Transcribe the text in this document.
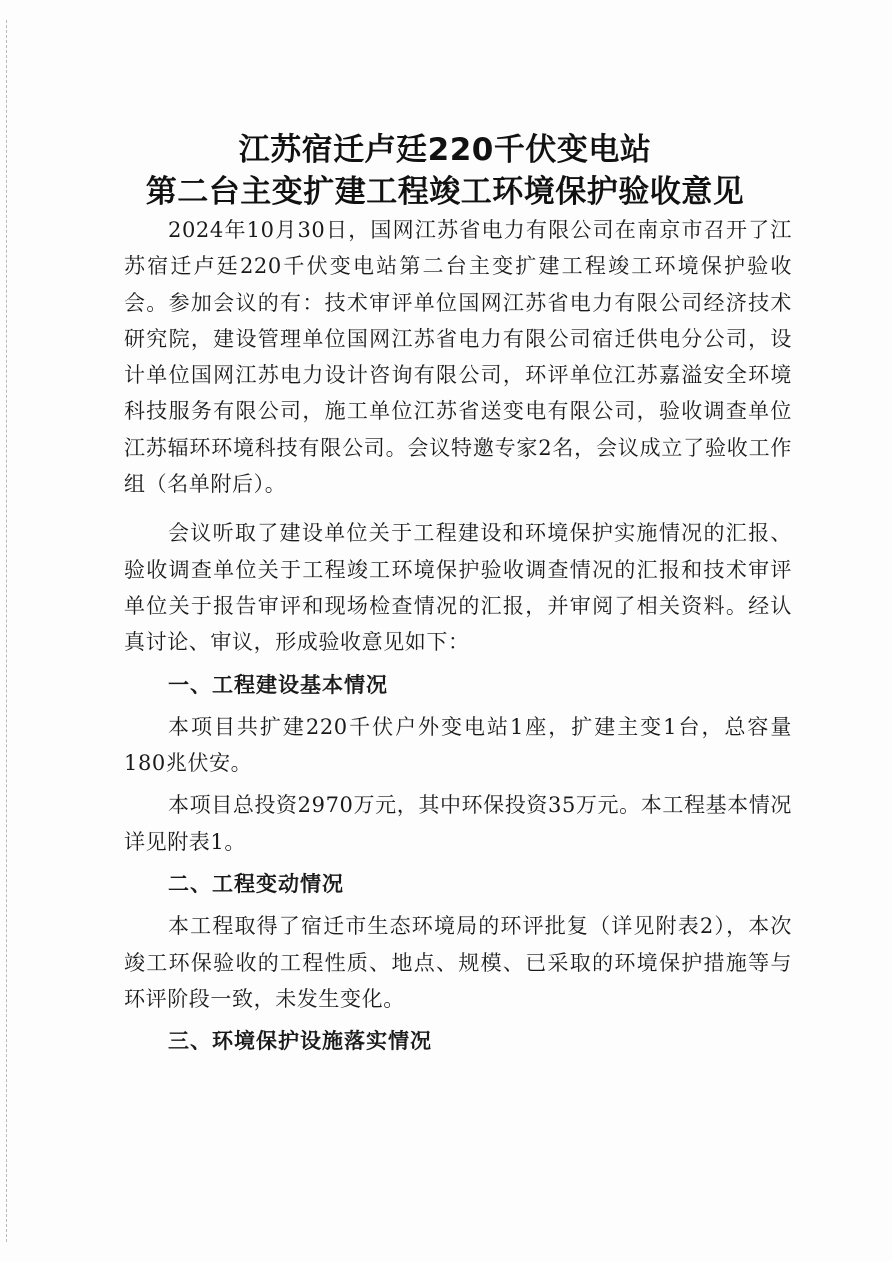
江苏宿迁卢廷220千伏变电站
第二台主变扩建工程竣工环境保护验收意见

2024年10月30日，国网江苏省电力有限公司在南京市召开了江苏宿迁卢廷220千伏变电站第二台主变扩建工程竣工环境保护验收会。参加会议的有：技术审评单位国网江苏省电力有限公司经济技术研究院，建设管理单位国网江苏省电力有限公司宿迁供电分公司，设计单位国网江苏电力设计咨询有限公司，环评单位江苏嘉溢安全环境科技服务有限公司，施工单位江苏省送变电有限公司，验收调查单位江苏辐环环境科技有限公司。会议特邀专家2名，会议成立了验收工作组（名单附后）。

会议听取了建设单位关于工程建设和环境保护实施情况的汇报、验收调查单位关于工程竣工环境保护验收调查情况的汇报和技术审评单位关于报告审评和现场检查情况的汇报，并审阅了相关资料。经认真讨论、审议，形成验收意见如下：

一、工程建设基本情况

本项目共扩建220千伏户外变电站1座，扩建主变1台，总容量180兆伏安。

本项目总投资2970万元，其中环保投资35万元。本工程基本情况详见附表1。

二、工程变动情况

本工程取得了宿迁市生态环境局的环评批复（详见附表2），本次竣工环保验收的工程性质、地点、规模、已采取的环境保护措施等与环评阶段一致，未发生变化。

三、环境保护设施落实情况
